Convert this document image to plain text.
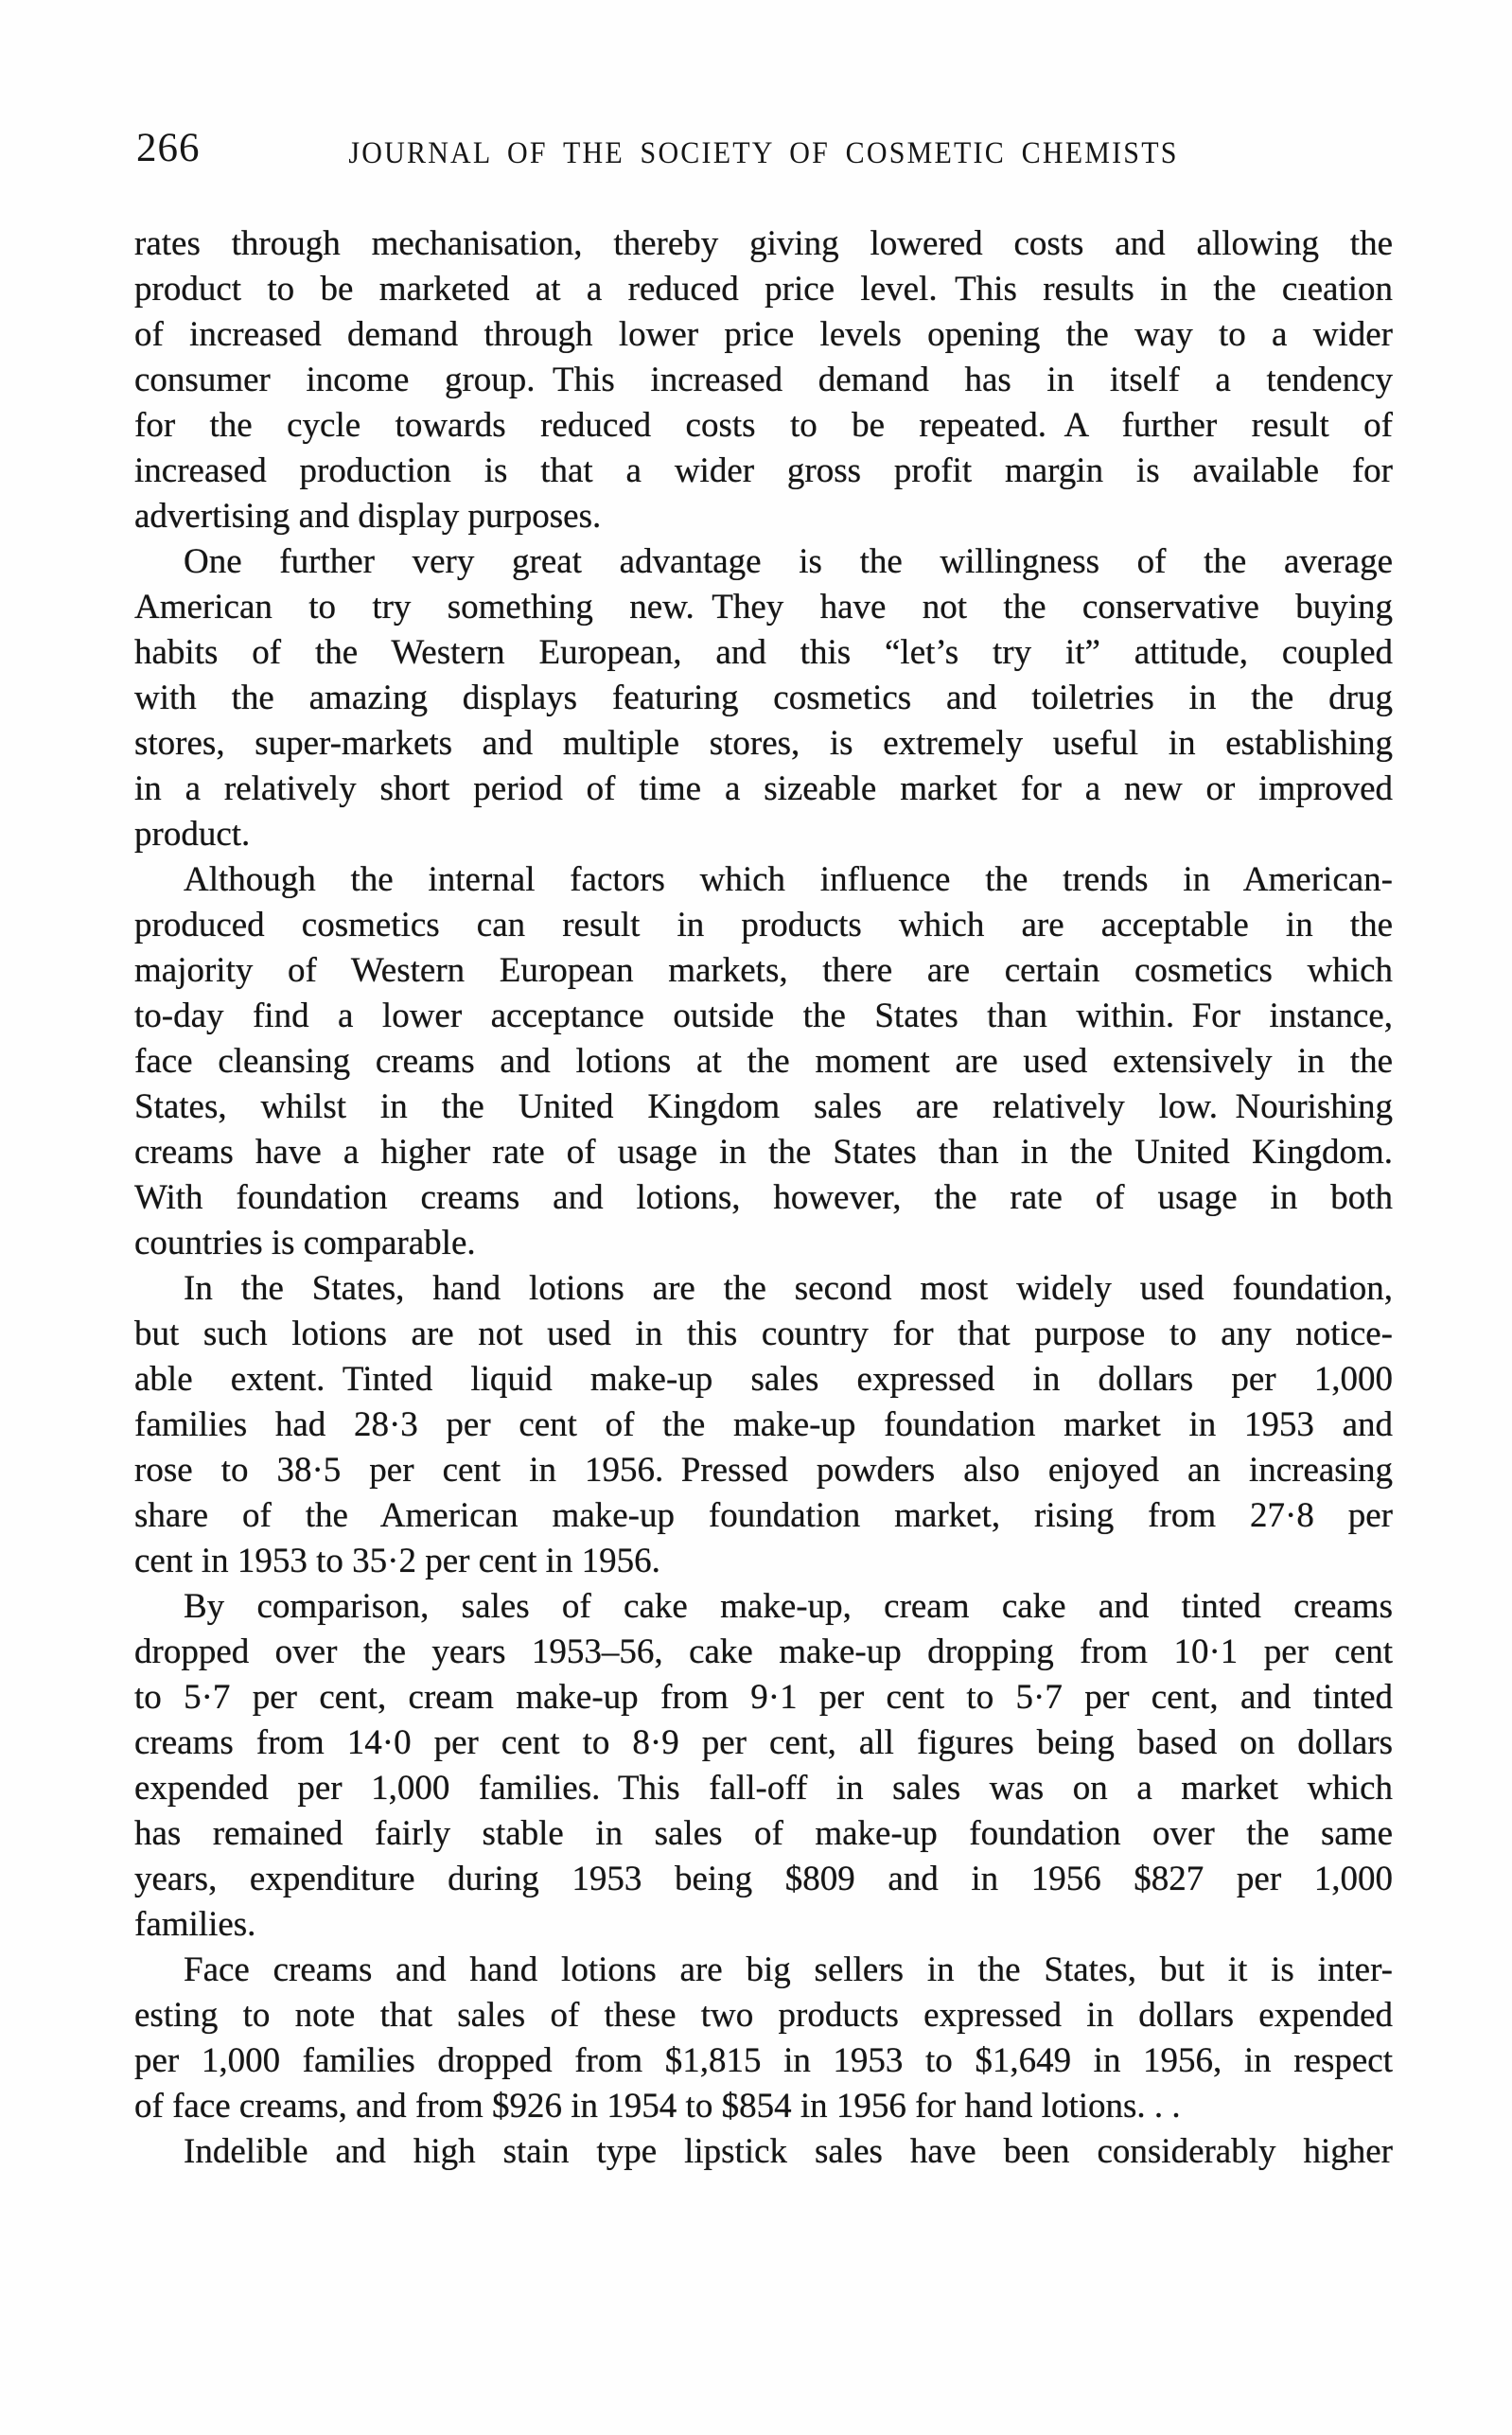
266	JOURNAL OF THE SOCIETY OF COSMETIC CHEMISTS
rates through mechanisation, thereby giving lowered costs and allowing the
product to be marketed at a reduced price level. This results in the cıeation
of increased demand through lower price levels opening the way to a wider
consumer income group. This increased demand has in itself a tendency
for the cycle towards reduced costs to be repeated. A further result of
increased production is that a wider gross profit margin is available for
advertising and display purposes.
One further very great advantage is the willingness of the average
American to try something new. They have not the conservative buying
habits of the Western European, and this “let’s try it” attitude, coupled
with the amazing displays featuring cosmetics and toiletries in the drug
stores, super-markets and multiple stores, is extremely useful in establishing
in a relatively short period of time a sizeable market for a new or improved
product.
Although the internal factors which influence the trends in American-
produced cosmetics can result in products which are acceptable in the
majority of Western European markets, there are certain cosmetics which
to-day find a lower acceptance outside the States than within. For instance,
face cleansing creams and lotions at the moment are used extensively in the
States, whilst in the United Kingdom sales are relatively low. Nourishing
creams have a higher rate of usage in the States than in the United Kingdom.
With foundation creams and lotions, however, the rate of usage in both
countries is comparable.
In the States, hand lotions are the second most widely used foundation,
but such lotions are not used in this country for that purpose to any notice-
able extent. Tinted liquid make-up sales expressed in dollars per 1,000
families had 28·3 per cent of the make-up foundation market in 1953 and
rose to 38·5 per cent in 1956. Pressed powders also enjoyed an increasing
share of the American make-up foundation market, rising from 27·8 per
cent in 1953 to 35·2 per cent in 1956.
By comparison, sales of cake make-up, cream cake and tinted creams
dropped over the years 1953–56, cake make-up dropping from 10·1 per cent
to 5·7 per cent, cream make-up from 9·1 per cent to 5·7 per cent, and tinted
creams from 14·0 per cent to 8·9 per cent, all figures being based on dollars
expended per 1,000 families. This fall-off in sales was on a market which
has remained fairly stable in sales of make-up foundation over the same
years, expenditure during 1953 being $809 and in 1956 $827 per 1,000
families.
Face creams and hand lotions are big sellers in the States, but it is inter-
esting to note that sales of these two products expressed in dollars expended
per 1,000 families dropped from $1,815 in 1953 to $1,649 in 1956, in respect
of face creams, and from $926 in 1954 to $854 in 1956 for hand lotions. . .
Indelible and high stain type lipstick sales have been considerably higher
